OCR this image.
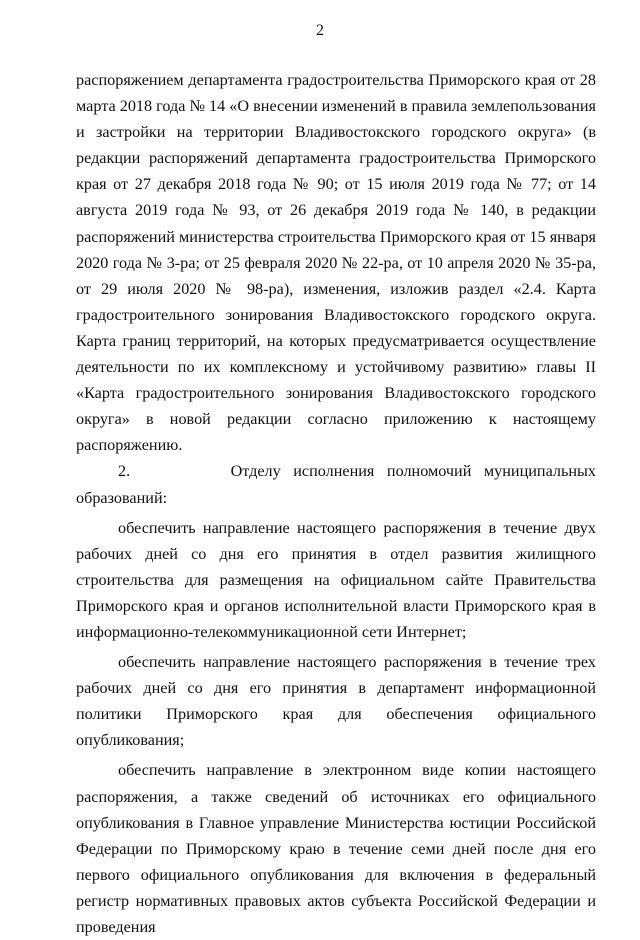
2

распоряжением департамента градостроительства Приморского края от 28 марта 2018 года № 14 «О внесении изменений в правила землепользования и застройки на территории Владивостокского городского округа» (в редакции распоряжений департамента градостроительства Приморского края от 27 декабря 2018 года № 90; от 15 июля 2019 года № 77; от 14 августа 2019 года № 93, от 26 декабря 2019 года № 140, в редакции распоряжений министерства строительства Приморского края от 15 января 2020 года № 3-ра; от 25 февраля 2020 № 22-ра, от 10 апреля 2020 № 35-ра, от 29 июля 2020 № 98-ра), изменения, изложив раздел «2.4. Карта градостроительного зонирования Владивостокского городского округа. Карта границ территорий, на которых предусматривается осуществление деятельности по их комплексному и устойчивому развитию» главы II «Карта градостроительного зонирования Владивостокского городского округа» в новой редакции согласно приложению к настоящему распоряжению.

2.        Отделу исполнения полномочий муниципальных образований:

обеспечить направление настоящего распоряжения в течение двух рабочих дней со дня его принятия в отдел развития жилищного строительства для размещения на официальном сайте Правительства Приморского края и органов исполнительной власти Приморского края в информационно-телекоммуникационной сети Интернет;

обеспечить направление настоящего распоряжения в течение трех рабочих дней со дня его принятия в департамент информационной политики Приморского края для обеспечения официального опубликования;

обеспечить направление в электронном виде копии настоящего распоряжения, а также сведений об источниках его официального опубликования в Главное управление Министерства юстиции Российской Федерации по Приморскому краю в течение семи дней после дня его первого официального опубликования для включения в федеральный регистр нормативных правовых актов субъекта Российской Федерации и проведения
